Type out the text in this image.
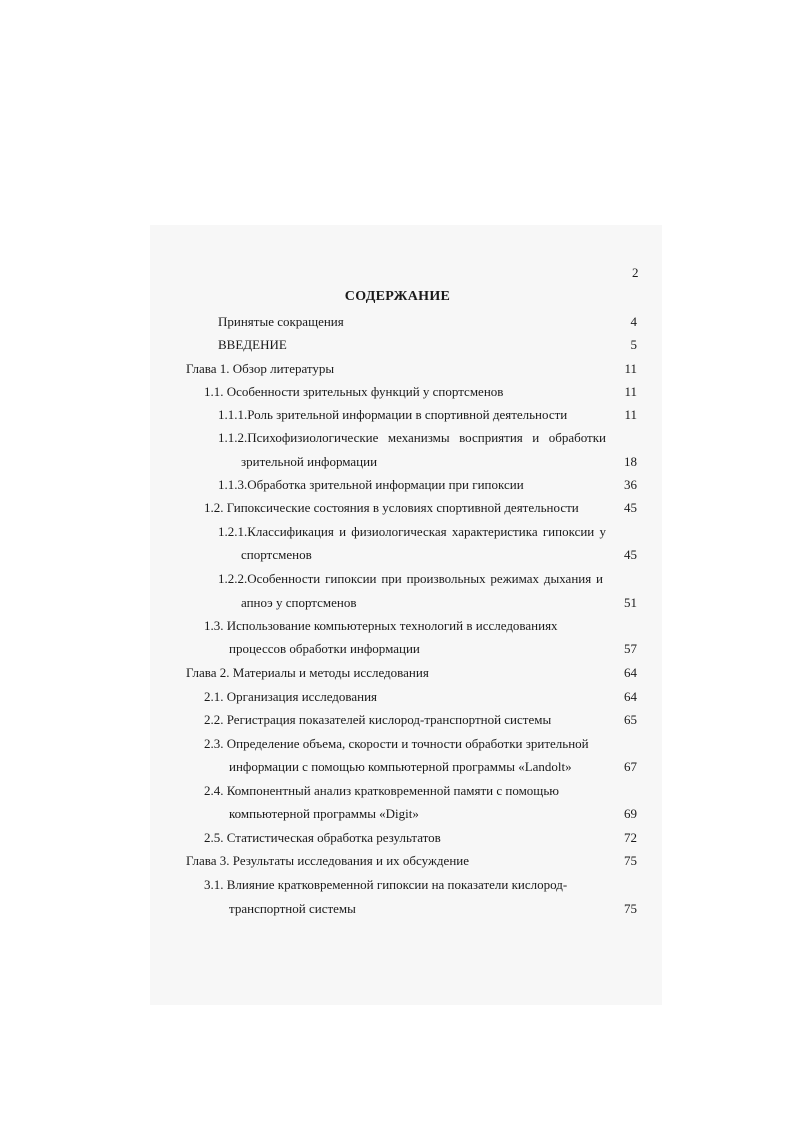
2
СОДЕРЖАНИЕ
Принятые сокращения	4
ВВЕДЕНИЕ	5
Глава 1. Обзор литературы	11
1.1. Особенности зрительных функций у спортсменов	11
1.1.1.Роль зрительной информации в спортивной деятельности	11
1.1.2.Психофизиологические механизмы восприятия и обработки
зрительной информации	18
1.1.3.Обработка зрительной информации при гипоксии	36
1.2. Гипоксические состояния в условиях спортивной деятельности	45
1.2.1.Классификация и физиологическая характеристика гипоксии у
спортсменов	45
1.2.2.Особенности гипоксии при произвольных режимах дыхания и
апноэ у спортсменов	51
1.3. Использование компьютерных технологий в исследованиях
процессов обработки информации	57
Глава 2. Материалы и методы исследования	64
2.1. Организация исследования	64
2.2. Регистрация показателей кислород-транспортной системы	65
2.3. Определение объема, скорости и точности обработки зрительной
информации с помощью компьютерной программы «Landolt»	67
2.4. Компонентный анализ кратковременной памяти с помощью
компьютерной программы «Digit»	69
2.5. Статистическая обработка результатов	72
Глава 3. Результаты исследования и их обсуждение	75
3.1. Влияние кратковременной гипоксии на показатели кислород-
транспортной системы	75
